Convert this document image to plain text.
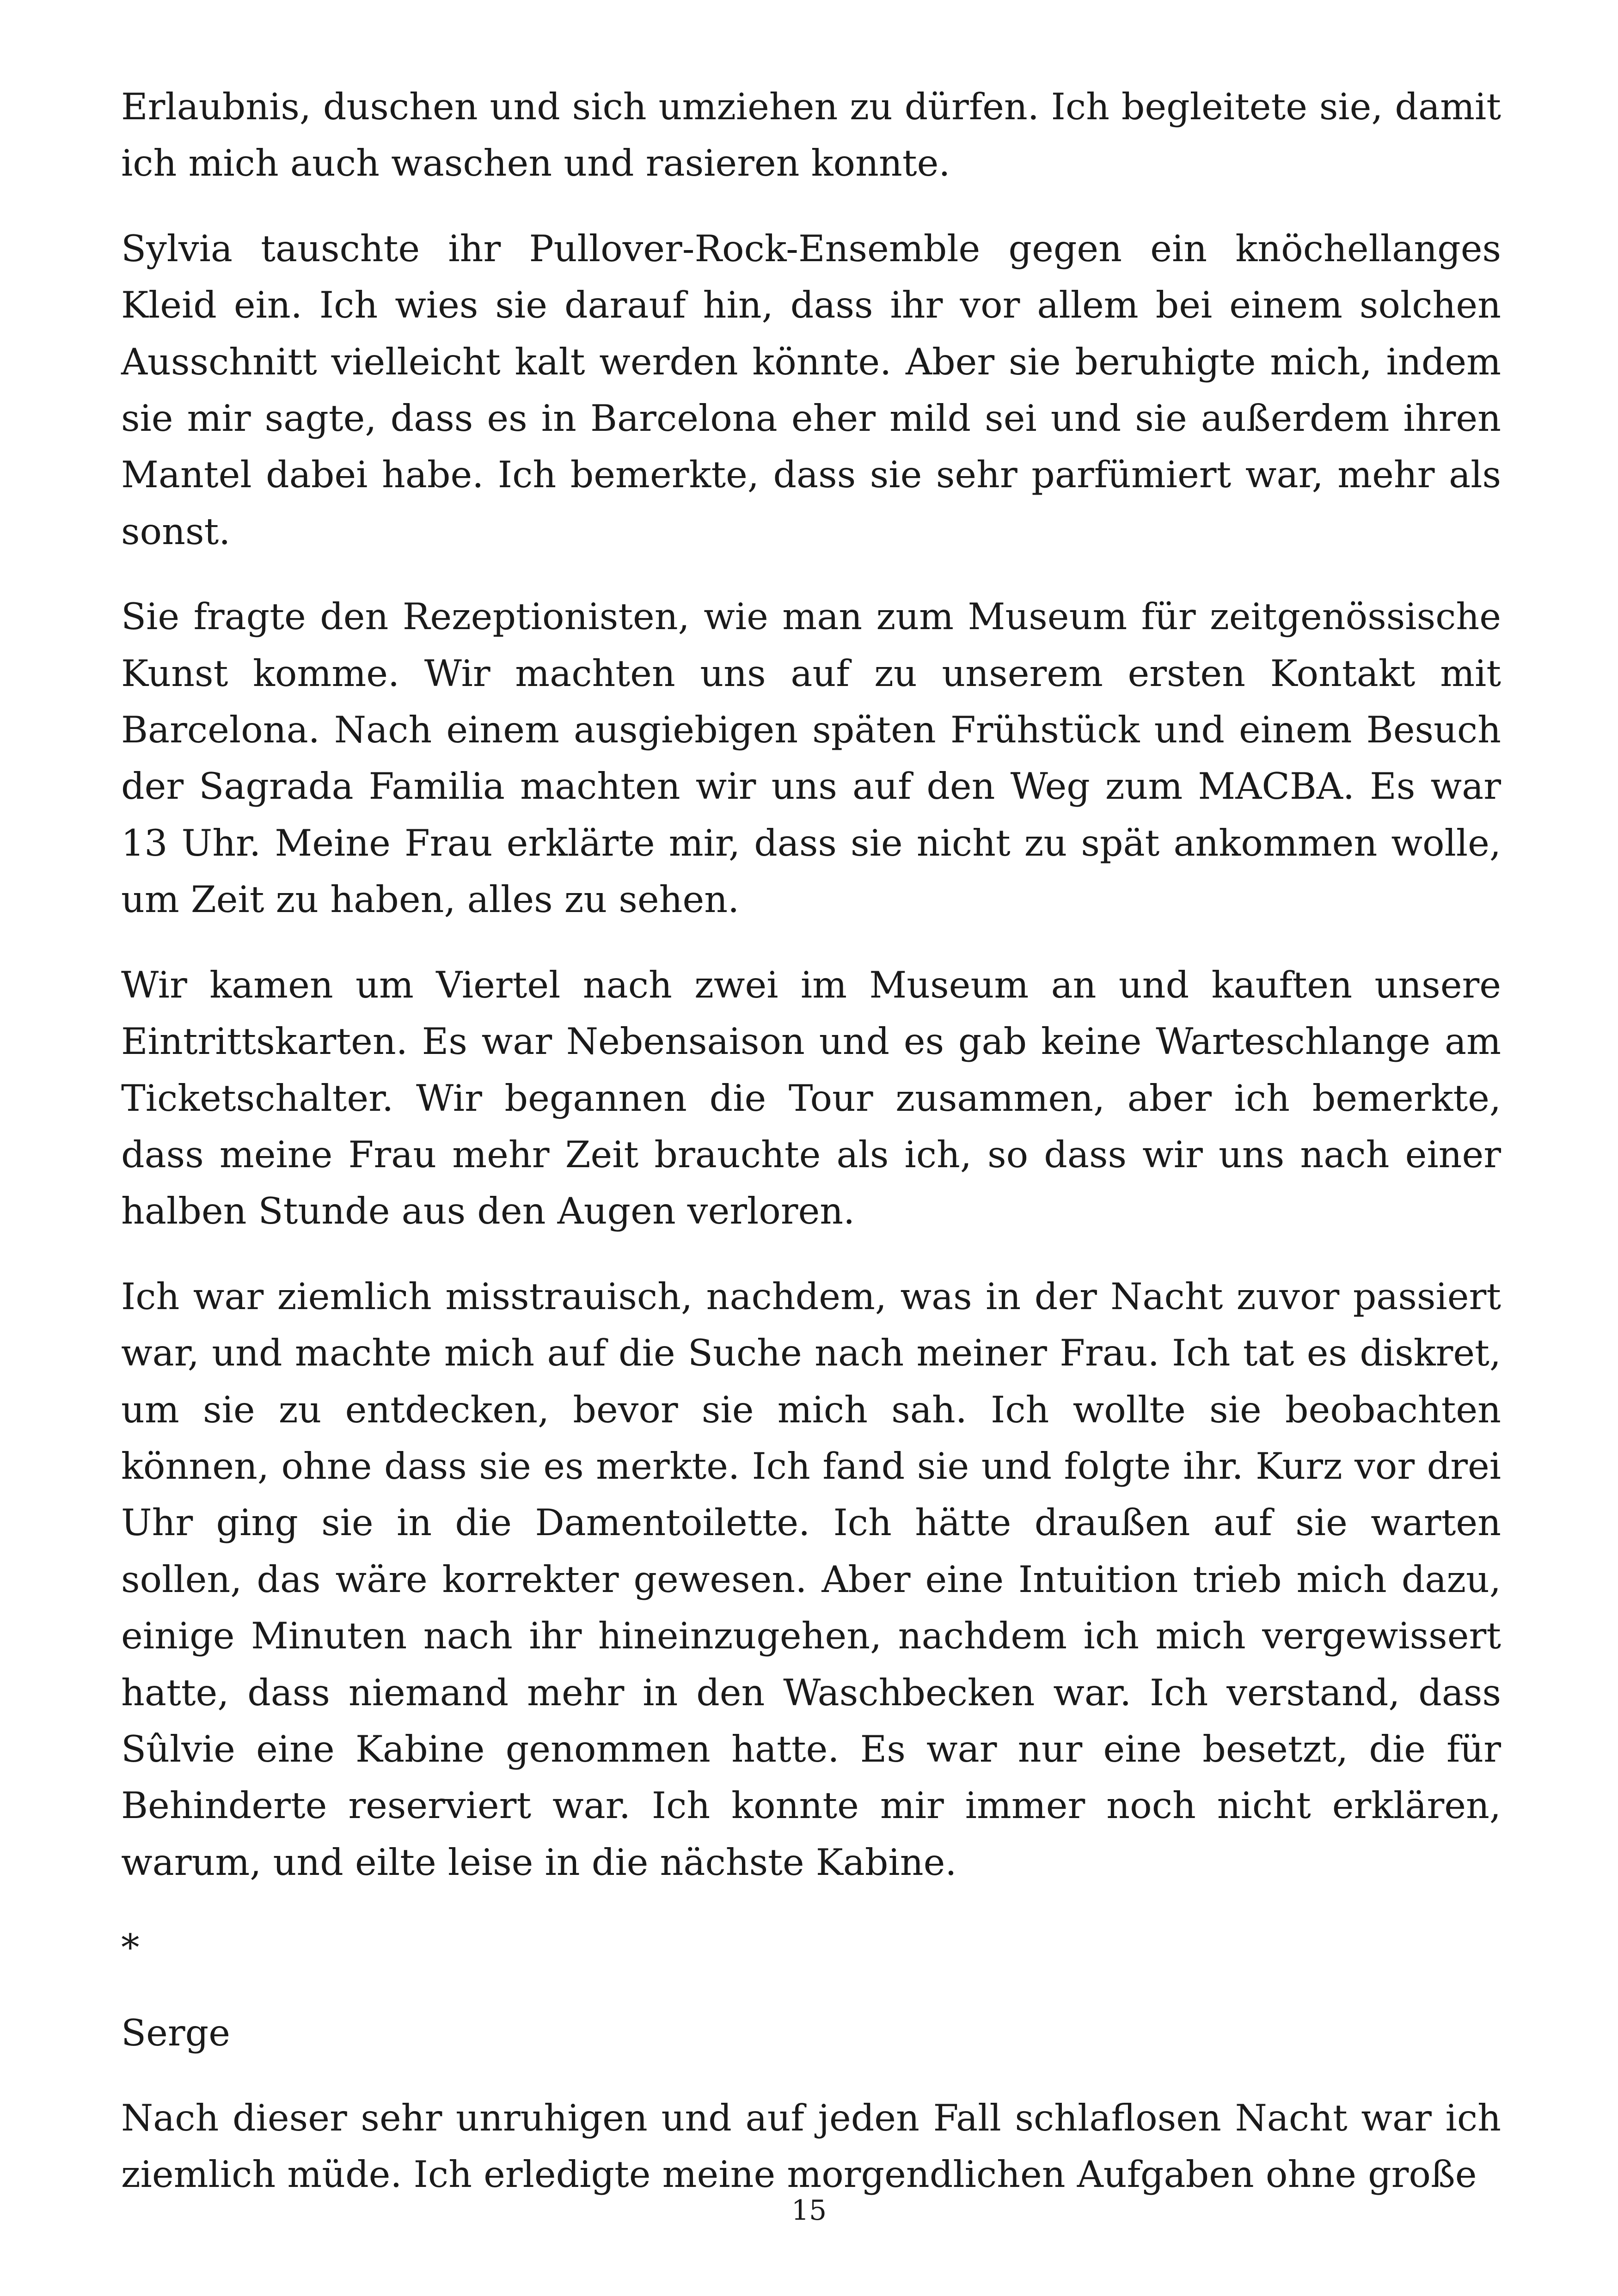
Erlaubnis, duschen und sich umziehen zu dürfen. Ich begleitete sie, damit ich mich auch waschen und rasieren konnte.

Sylvia tauschte ihr Pullover-Rock-Ensemble gegen ein knöchellanges Kleid ein. Ich wies sie darauf hin, dass ihr vor allem bei einem solchen Ausschnitt vielleicht kalt werden könnte. Aber sie beruhigte mich, indem sie mir sagte, dass es in Barcelona eher mild sei und sie außerdem ihren Mantel dabei habe. Ich bemerkte, dass sie sehr parfümiert war, mehr als sonst.

Sie fragte den Rezeptionisten, wie man zum Museum für zeitgenössische Kunst komme. Wir machten uns auf zu unserem ersten Kontakt mit Barcelona. Nach einem ausgiebigen späten Frühstück und einem Besuch der Sagrada Familia machten wir uns auf den Weg zum MACBA. Es war 13 Uhr. Meine Frau erklärte mir, dass sie nicht zu spät ankommen wolle, um Zeit zu haben, alles zu sehen.

Wir kamen um Viertel nach zwei im Museum an und kauften unsere Eintrittskarten. Es war Nebensaison und es gab keine Warteschlange am Ticketschalter. Wir begannen die Tour zusammen, aber ich bemerkte, dass meine Frau mehr Zeit brauchte als ich, so dass wir uns nach einer halben Stunde aus den Augen verloren.

Ich war ziemlich misstrauisch, nachdem, was in der Nacht zuvor passiert war, und machte mich auf die Suche nach meiner Frau. Ich tat es diskret, um sie zu entdecken, bevor sie mich sah. Ich wollte sie beobachten können, ohne dass sie es merkte. Ich fand sie und folgte ihr. Kurz vor drei Uhr ging sie in die Damentoilette. Ich hätte draußen auf sie warten sollen, das wäre korrekter gewesen. Aber eine Intuition trieb mich dazu, einige Minuten nach ihr hineinzugehen, nachdem ich mich vergewissert hatte, dass niemand mehr in den Waschbecken war. Ich verstand, dass Sûlvie eine Kabine genommen hatte. Es war nur eine besetzt, die für Behinderte reserviert war. Ich konnte mir immer noch nicht erklären, warum, und eilte leise in die nächste Kabine.

*

Serge

Nach dieser sehr unruhigen und auf jeden Fall schlaflosen Nacht war ich ziemlich müde. Ich erledigte meine morgendlichen Aufgaben ohne große

15
